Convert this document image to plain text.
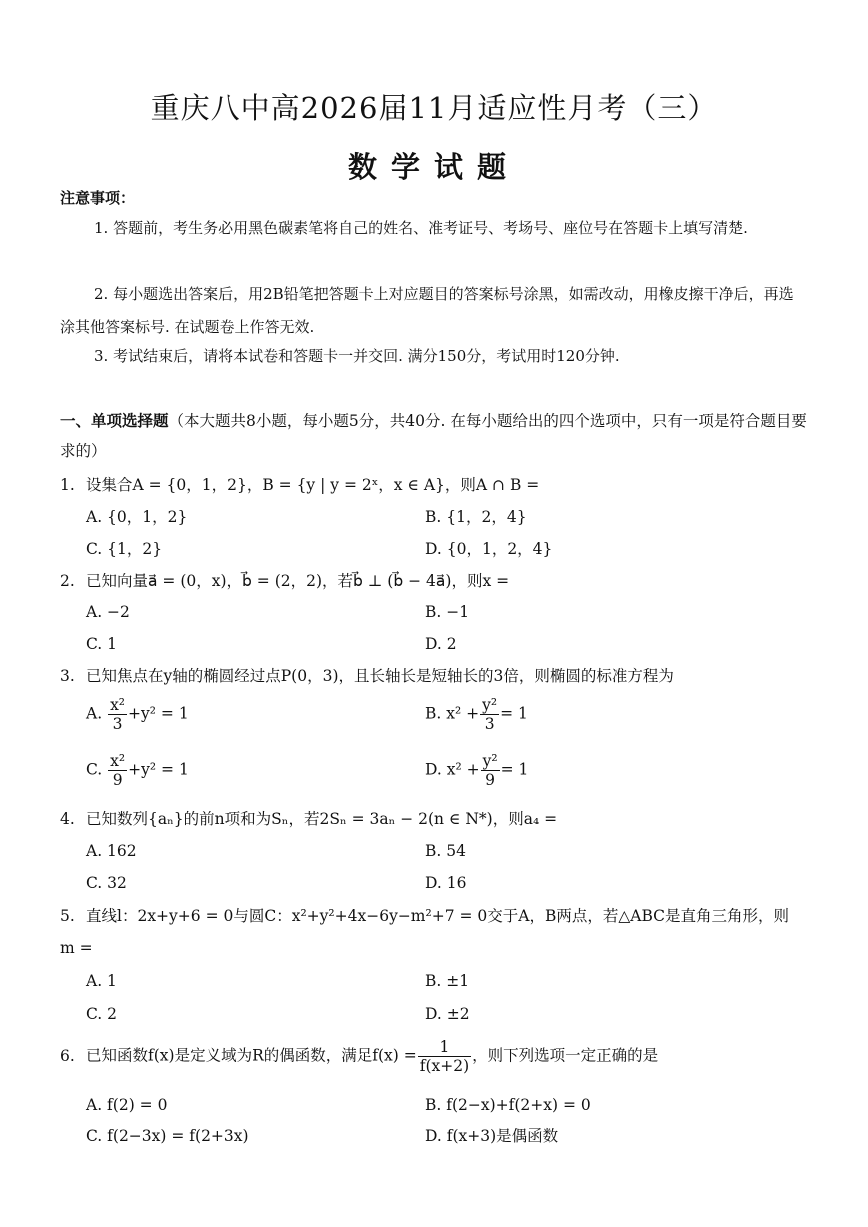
重庆八中高2026届11月适应性月考（三）
数学试题
注意事项：
1. 答题前，考生务必用黑色碳素笔将自己的姓名、准考证号、考场号、座位号在答题卡上填写清楚.
2. 每小题选出答案后，用2B铅笔把答题卡上对应题目的答案标号涂黑，如需改动，用橡皮擦干净后，再选涂其他答案标号. 在试题卷上作答无效.
3. 考试结束后，请将本试卷和答题卡一并交回. 满分150分，考试用时120分钟.
一、单项选择题（本大题共8小题，每小题5分，共40分. 在每小题给出的四个选项中，只有一项是符合题目要求的）
1. 设集合A = {0，1，2}，B = {y | y = 2ˣ，x ∈ A}，则A ∩ B =
A. {0，1，2}	B. {1，2，4}
C. {1，2}	D. {0，1，2，4}
2. 已知向量a⃗ = (0，x)，b⃗ = (2，2)，若b⃗ ⊥ (b⃗ − 4a⃗)，则x =
A. −2	B. −1
C. 1	D. 2
3. 已知焦点在y轴的椭圆经过点P(0，3)，且长轴长是短轴长的3倍，则椭圆的标准方程为
A. $\frac{\text{x²}}{3} +y^2 = 1$	B. $x^2 + \frac{\text{y²}}{3} = 1$
C. $\frac{\text{x²}}{9} +y^2 = 1$	D. $x^2 + \frac{\text{y²}}{9} = 1$
4. 已知数列{aₙ}的前n项和为Sₙ，若2Sₙ = 3aₙ − 2(n ∈ N*)，则a₄ =
A. 162	B. 54
C. 32	D. 16
5. 直线l：2x+y+6 = 0与圆C：x²+y²+4x−6y−m²+7 = 0交于A，B两点，若△ABC是直角三角形，则
m =
A. 1	B. ±1
C. 2	D. ±2
6. 已知函数f(x)是定义域为R的偶函数，满足$f(x) = \frac{1}{f(x+2)}$ ，则下列选项一定正确的是
A. f(2) = 0	B. f(2−x)+f(2+x) = 0
C. f(2−3x) = f(2+3x)	D. f(x+3)是偶函数
